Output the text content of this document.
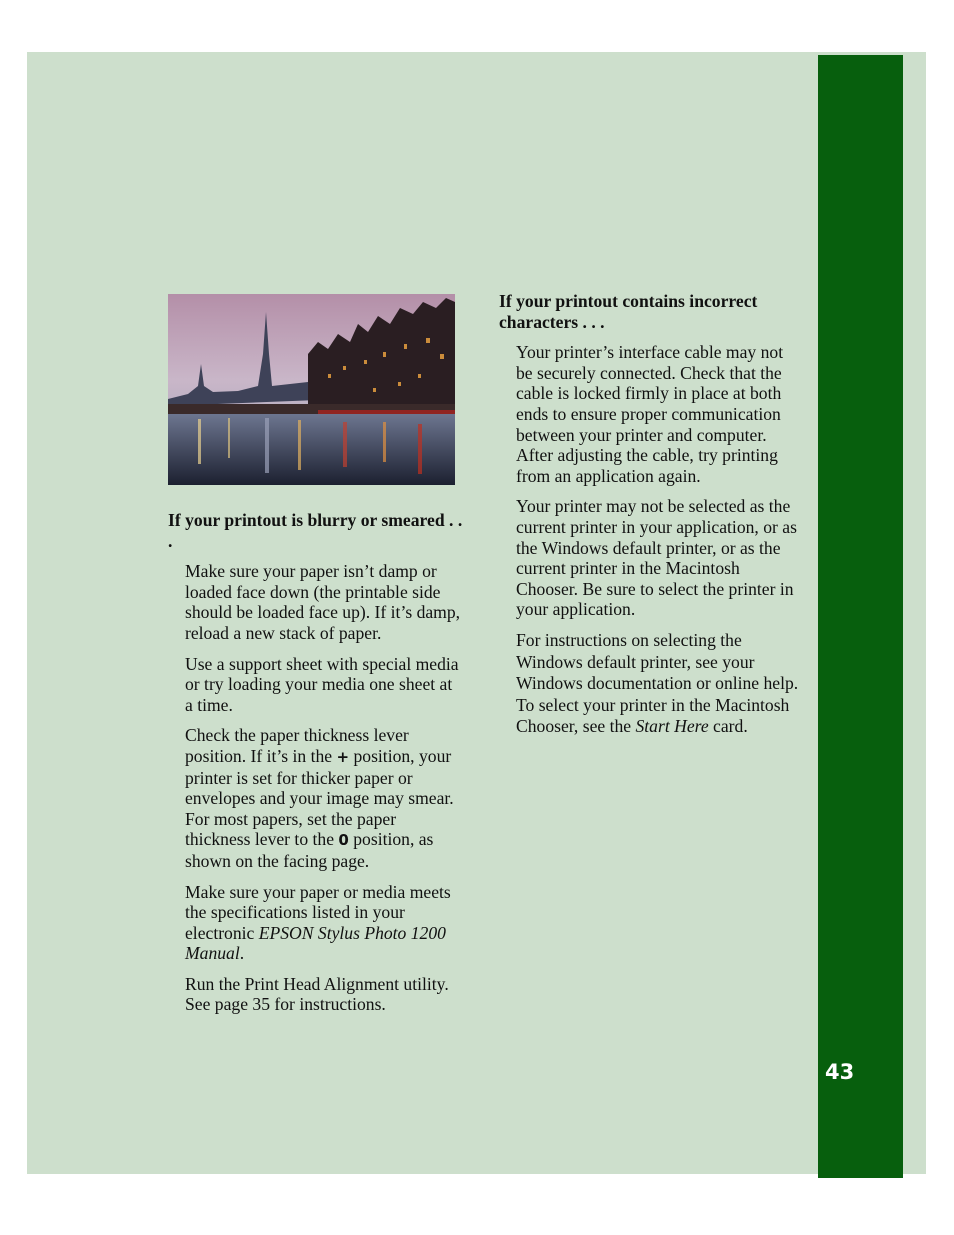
43

If your printout is blurry or smeared . . .

Make sure your paper isn’t damp or loaded face down (the printable side should be loaded face up). If it’s damp, reload a new stack of paper.

Use a support sheet with special media or try loading your media one sheet at a time.

Check the paper thickness lever position. If it’s in the + position, your printer is set for thicker paper or envelopes and your image may smear. For most papers, set the paper thickness lever to the 0 position, as shown on the facing page.

Make sure your paper or media meets the specifications listed in your electronic EPSON Stylus Photo 1200 Manual.

Run the Print Head Alignment utility. See page 35 for instructions.

If your printout contains incorrect characters . . .

Your printer’s interface cable may not be securely connected. Check that the cable is locked firmly in place at both ends to ensure proper communication between your printer and computer. After adjusting the cable, try printing from an application again.

Your printer may not be selected as the current printer in your application, or as the Windows default printer, or as the current printer in the Macintosh Chooser. Be sure to select the printer in your application.

For instructions on selecting the Windows default printer, see your Windows documentation or online help. To select your printer in the Macintosh Chooser, see the Start Here card.
